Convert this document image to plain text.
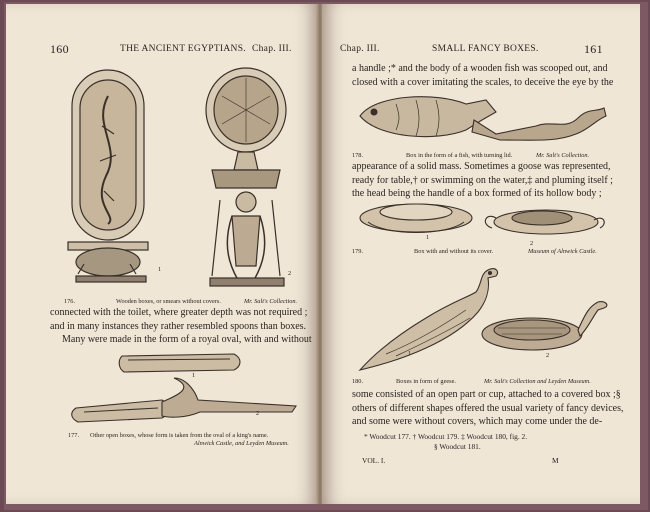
160	THE ANCIENT EGYPTIANS. Chap. III.
1
2
176.	Wooden boxes, or smears without covers.	Mr. Salt's Collection.
connected with the toilet, where greater depth was not required ;
and in many instances they rather resembled spoons than boxes.
Many were made in the form of a royal oval, with and without
1
2
177. Other open boxes, whose form is taken from the oval of a king's name.
Alnwick Castle, and Leyden Museum.
Chap. III.	SMALL FANCY BOXES.	161
a handle ;* and the body of a wooden fish was scooped out, and
closed with a cover imitating the scales, to deceive the eye by the
178.	Box in the form of a fish, with turning lid.	Mr. Salt's Collection.
appearance of a solid mass. Sometimes a goose was represented,
ready for table,† or swimming on the water,‡ and pluming itself ;
the head being the handle of a box formed of its hollow body ;
179.
2
1
Box with and without its cover.	Museum of Alnwick Castle.
1	2
180.	Boxes in form of geese.	Mr. Salt's Collection and Leyden Museum.
some consisted of an open part or cup, attached to a covered box ;§
others of different shapes offered the usual variety of fancy devices,
and some were without covers, which may come under the de-
* Woodcut 177. † Woodcut 179. ‡ Woodcut 180, fig. 2.
§ Woodcut 181.
VOL. I.	M
